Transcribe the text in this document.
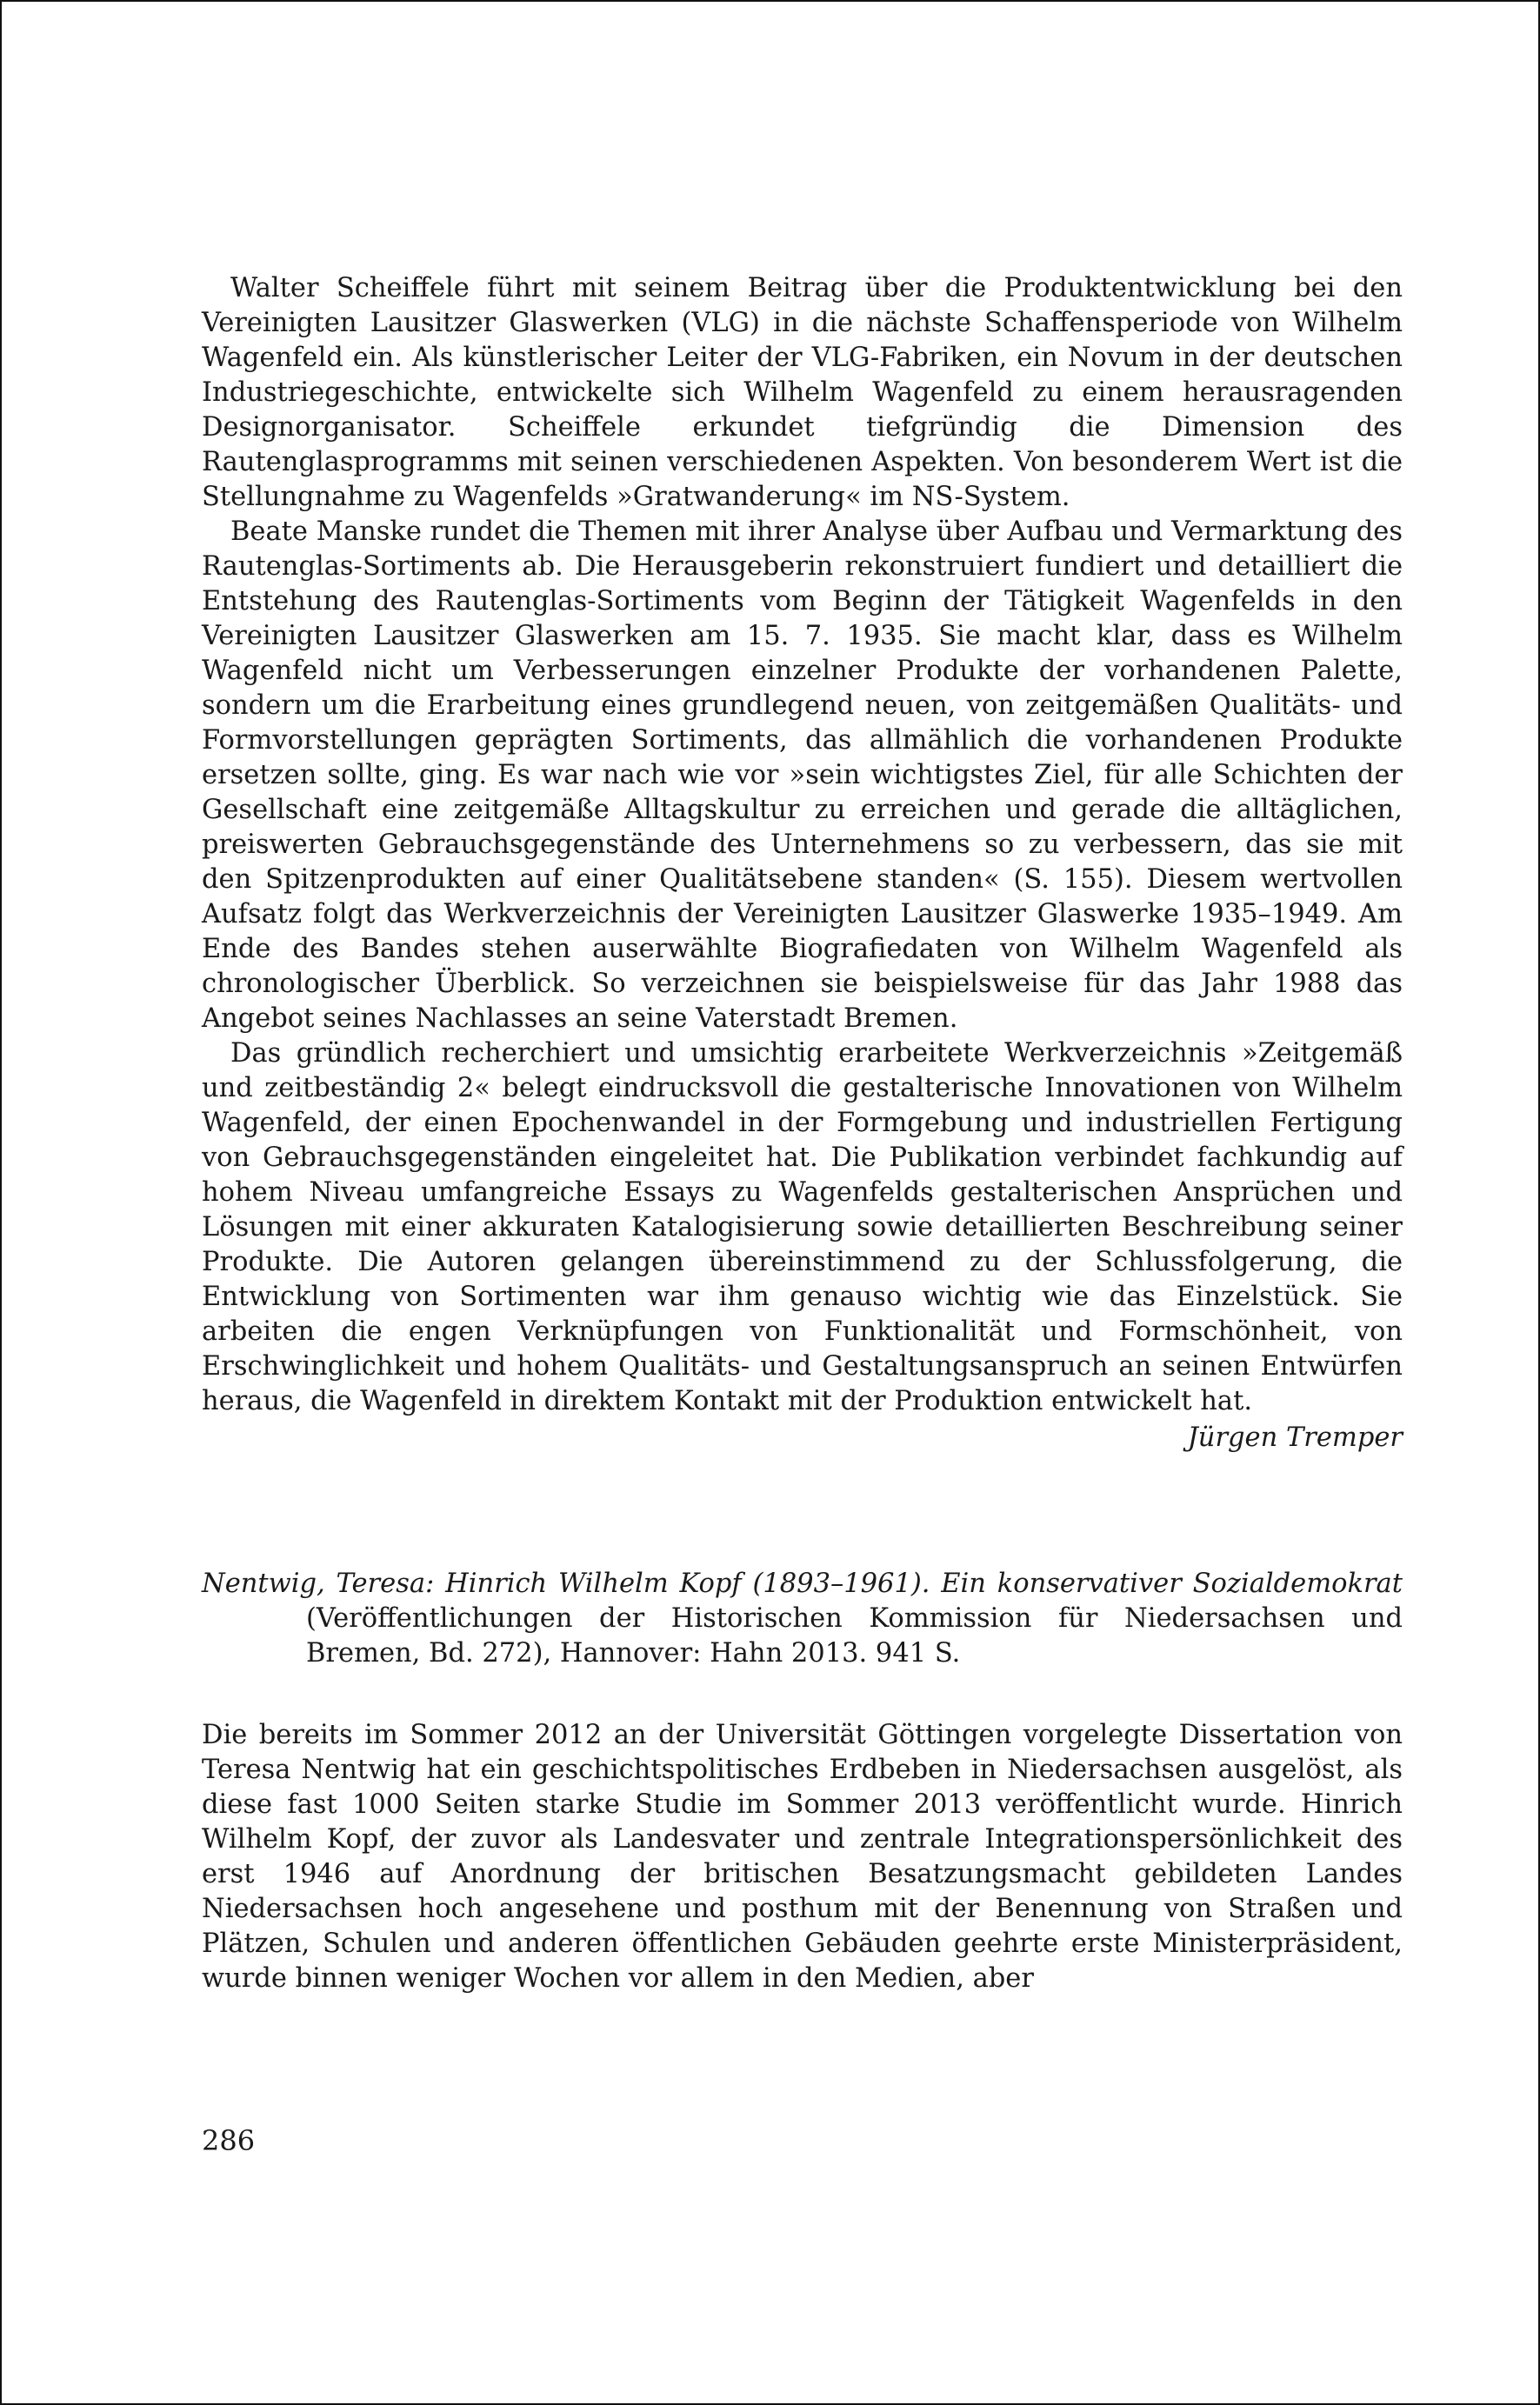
Walter Scheiffele führt mit seinem Beitrag über die Produktentwicklung bei den Vereinigten Lausitzer Glaswerken (VLG) in die nächste Schaffensperiode von Wilhelm Wagenfeld ein. Als künstlerischer Leiter der VLG-Fabriken, ein Novum in der deutschen Industriegeschichte, entwickelte sich Wilhelm Wagenfeld zu einem herausragenden Designorganisator. Scheiffele erkundet tiefgründig die Dimension des Rautenglasprogramms mit seinen verschiedenen Aspekten. Von besonderem Wert ist die Stellungnahme zu Wagenfelds »Gratwanderung« im NS-System.

Beate Manske rundet die Themen mit ihrer Analyse über Aufbau und Vermarktung des Rautenglas-Sortiments ab. Die Herausgeberin rekonstruiert fundiert und detailliert die Entstehung des Rautenglas-Sortiments vom Beginn der Tätigkeit Wagenfelds in den Vereinigten Lausitzer Glaswerken am 15. 7. 1935. Sie macht klar, dass es Wilhelm Wagenfeld nicht um Verbesserungen einzelner Produkte der vorhandenen Palette, sondern um die Erarbeitung eines grundlegend neuen, von zeitgemäßen Qualitäts- und Formvorstellungen geprägten Sortiments, das allmählich die vorhandenen Produkte ersetzen sollte, ging. Es war nach wie vor »sein wichtigstes Ziel, für alle Schichten der Gesellschaft eine zeitgemäße Alltagskultur zu erreichen und gerade die alltäglichen, preiswerten Gebrauchsgegenstände des Unternehmens so zu verbessern, das sie mit den Spitzenprodukten auf einer Qualitätsebene standen« (S. 155). Diesem wertvollen Aufsatz folgt das Werkverzeichnis der Vereinigten Lausitzer Glaswerke 1935–1949. Am Ende des Bandes stehen auserwählte Biografiedaten von Wilhelm Wagenfeld als chronologischer Überblick. So verzeichnen sie beispielsweise für das Jahr 1988 das Angebot seines Nachlasses an seine Vaterstadt Bremen.

Das gründlich recherchiert und umsichtig erarbeitete Werkverzeichnis »Zeitgemäß und zeitbeständig 2« belegt eindrucksvoll die gestalterische Innovationen von Wilhelm Wagenfeld, der einen Epochenwandel in der Formgebung und industriellen Fertigung von Gebrauchsgegenständen eingeleitet hat. Die Publikation verbindet fachkundig auf hohem Niveau umfangreiche Essays zu Wagenfelds gestalterischen Ansprüchen und Lösungen mit einer akkuraten Katalogisierung sowie detaillierten Beschreibung seiner Produkte. Die Autoren gelangen übereinstimmend zu der Schlussfolgerung, die Entwicklung von Sortimenten war ihm genauso wichtig wie das Einzelstück. Sie arbeiten die engen Verknüpfungen von Funktionalität und Formschönheit, von Erschwinglichkeit und hohem Qualitäts- und Gestaltungsanspruch an seinen Entwürfen heraus, die Wagenfeld in direktem Kontakt mit der Produktion entwickelt hat.

Jürgen Tremper

Nentwig, Teresa: Hinrich Wilhelm Kopf (1893–1961). Ein konservativer Sozialdemokrat (Veröffentlichungen der Historischen Kommission für Niedersachsen und Bremen, Bd. 272), Hannover: Hahn 2013. 941 S.

Die bereits im Sommer 2012 an der Universität Göttingen vorgelegte Dissertation von Teresa Nentwig hat ein geschichtspolitisches Erdbeben in Niedersachsen ausgelöst, als diese fast 1000 Seiten starke Studie im Sommer 2013 veröffentlicht wurde. Hinrich Wilhelm Kopf, der zuvor als Landesvater und zentrale Integrationspersönlichkeit des erst 1946 auf Anordnung der britischen Besatzungsmacht gebildeten Landes Niedersachsen hoch angesehene und posthum mit der Benennung von Straßen und Plätzen, Schulen und anderen öffentlichen Gebäuden geehrte erste Ministerpräsident, wurde binnen weniger Wochen vor allem in den Medien, aber

286
